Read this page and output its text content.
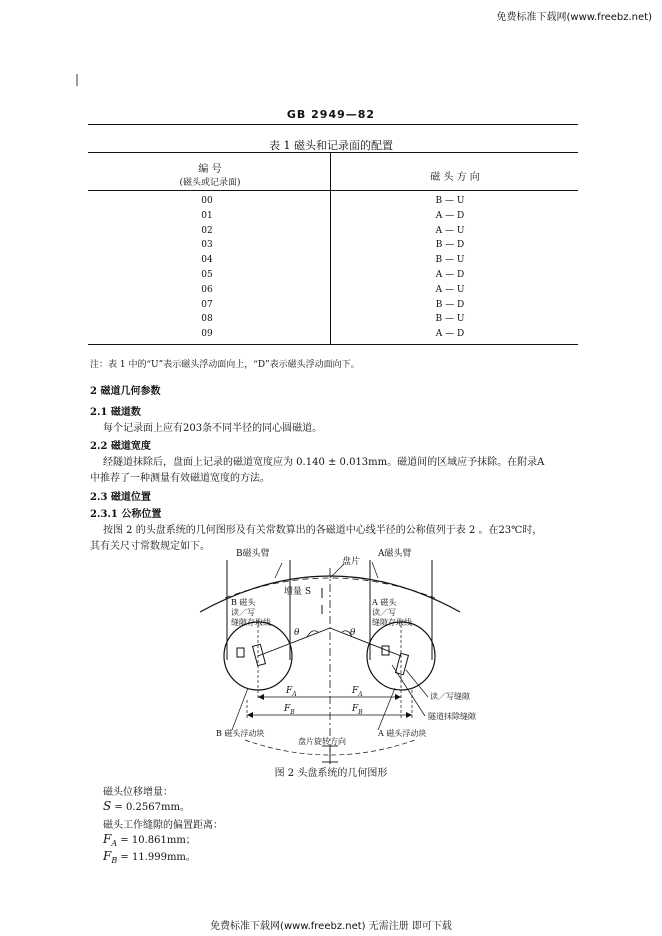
免费标准下载网(www.freebz.net)
免费标准下载网(www.freebz.net) 无需注册 即可下载
|
GB 2949—82
表 1 磁头和记录面的配置
编 号
(磁头或记录面)	磁 头 方 向
00	B — U
01	A — D
02	A — U
03	B — D
04	B — U
05	A — D
06	A — U
07	B — D
08	B — U
09	A — D
注：表 1 中的“U”表示磁头浮动面向上，“D”表示磁头浮动面向下。
2 磁道几何参数
2.1 磁道数
每个记录面上应有203条不同半径的同心圆磁道。
2.2 磁道宽度
经隧道抹除后，盘面上记录的磁道宽度应为 0.140 ± 0.013mm。磁道间的区域应予抹除。在附录A
中推荐了一种测量有效磁道宽度的方法。
2.3 磁道位置
2.3.1 公称位置
按图 2 的头盘系统的几何图形及有关常数算出的各磁道中心线半径的公称值列于表 2 。在23℃时，
其有关尺寸常数规定如下。
B磁头臂	A磁头臂
盘片
增量 S
B 磁头
读／写
缝隙存取线
A 磁头
读／写
缝隙存取线
θ	θ
$F_A$	$F_A$
$F_B$	$F_B$
读／写缝隙
隧道抹除缝隙
B 磁头浮动块	A 磁头浮动块
盘片旋转方向
图 2 头盘系统的几何图形
磁头位移增量：
S = 0.2567mm。
磁头工作缝隙的偏置距离：
$F_A = 10.861mm$；
$F_B = 11.999mm$。
